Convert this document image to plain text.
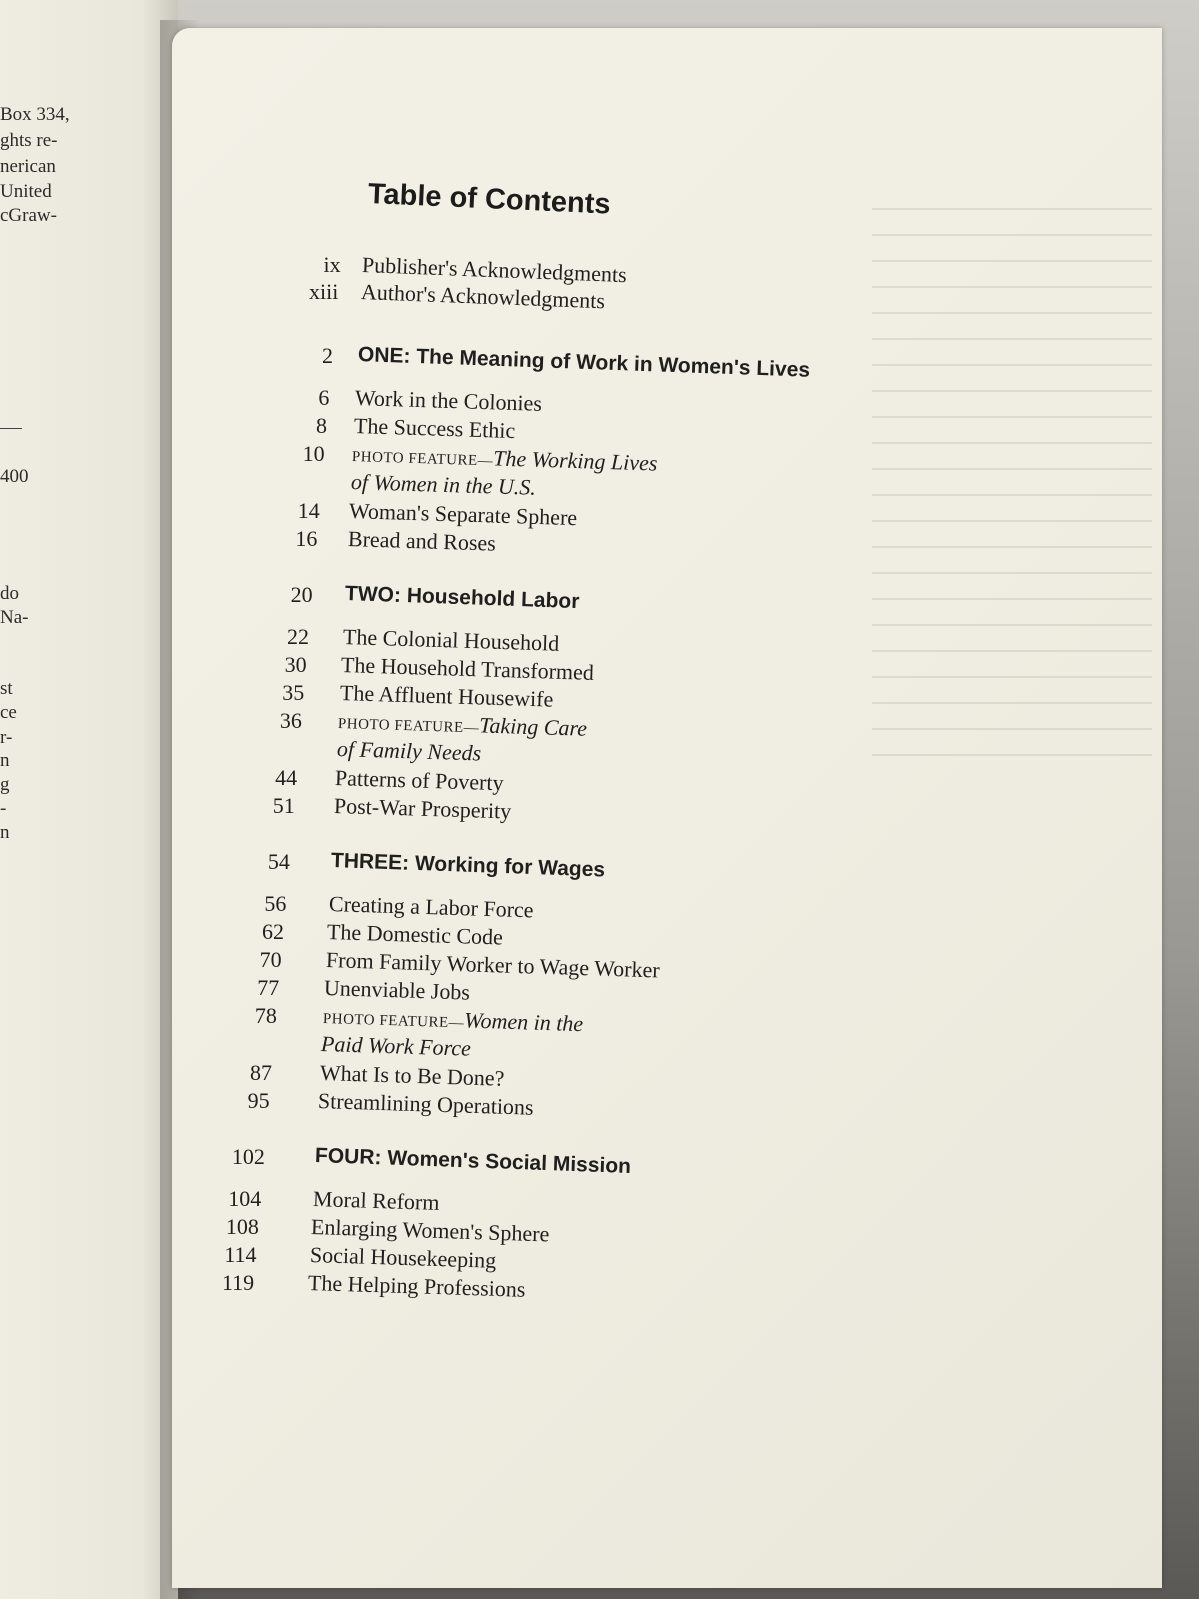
Table of Contents
ix Publisher's Acknowledgments
xiii Author's Acknowledgments
2 ONE: The Meaning of Work in Women's Lives
6 Work in the Colonies
8 The Success Ethic
10 PHOTO FEATURE—The Working Lives
of Women in the U.S.
14 Woman's Separate Sphere
16 Bread and Roses
20 TWO: Household Labor
22 The Colonial Household
30 The Household Transformed
35 The Affluent Housewife
36 PHOTO FEATURE—Taking Care
of Family Needs
44 Patterns of Poverty
51 Post-War Prosperity
54 THREE: Working for Wages
56 Creating a Labor Force
62 The Domestic Code
70 From Family Worker to Wage Worker
77 Unenviable Jobs
78	PHOTO FEATURE—Women in the
Paid Work Force
87 What Is to Be Done?
95 Streamlining Operations
102 FOUR: Women's Social Mission
104 Moral Reform
108 Enlarging Women's Sphere
114 Social Housekeeping
119 The Helping Professions
Box 334,
ghts re-
nerican
United
cGraw-
400
do
Na-
st
ce
r-
n
g
-
n
